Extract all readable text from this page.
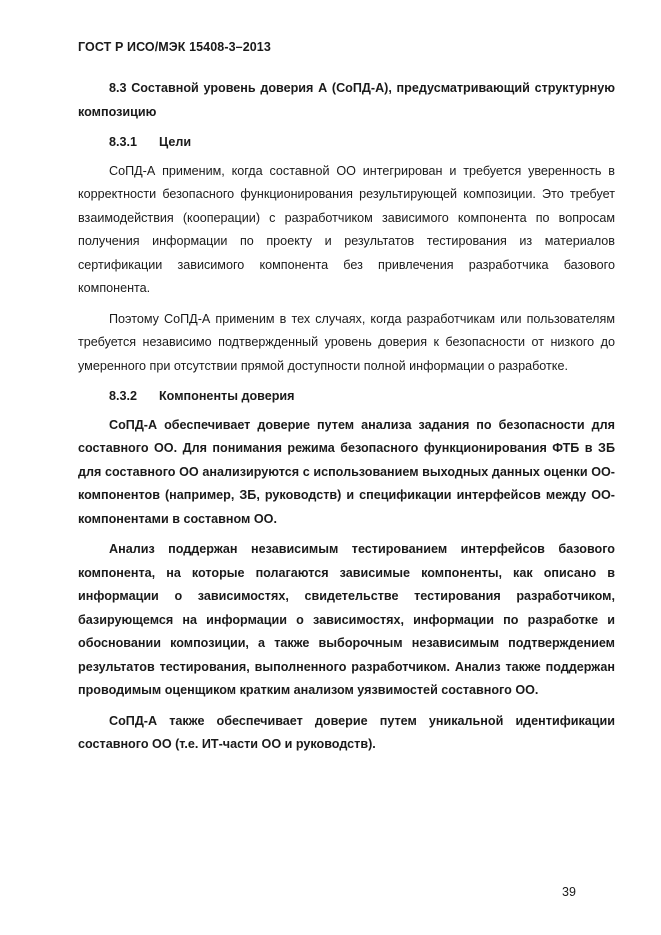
ГОСТ Р ИСО/МЭК 15408-3–2013

8.3 Составной уровень доверия А (СоПД-А), предусматривающий структурную композицию

8.3.1 Цели

СоПД-А применим, когда составной ОО интегрирован и требуется уверенность в корректности безопасного функционирования результирующей композиции. Это требует взаимодействия (кооперации) с разработчиком зависимого компонента по вопросам получения информации по проекту и результатов тестирования из материалов сертификации зависимого компонента без привлечения разработчика базового компонента.

Поэтому СоПД-А применим в тех случаях, когда разработчикам или пользователям требуется независимо подтвержденный уровень доверия к безопасности от низкого до умеренного при отсутствии прямой доступности полной информации о разработке.

8.3.2 Компоненты доверия

СоПД-А обеспечивает доверие путем анализа задания по безопасности для составного ОО. Для понимания режима безопасного функционирования ФТБ в ЗБ для составного ОО анализируются с использованием выходных данных оценки ОО-компонентов (например, ЗБ, руководств) и спецификации интерфейсов между ОО-компонентами в составном ОО.

Анализ поддержан независимым тестированием интерфейсов базового компонента, на которые полагаются зависимые компоненты, как описано в информации о зависимостях, свидетельстве тестирования разработчиком, базирующемся на информации о зависимостях, информации по разработке и обосновании композиции, а также выборочным независимым подтверждением результатов тестирования, выполненного разработчиком. Анализ также поддержан проводимым оценщиком кратким анализом уязвимостей составного ОО.

СоПД-А также обеспечивает доверие путем уникальной идентификации составного ОО (т.е. ИТ-части ОО и руководств).

39
